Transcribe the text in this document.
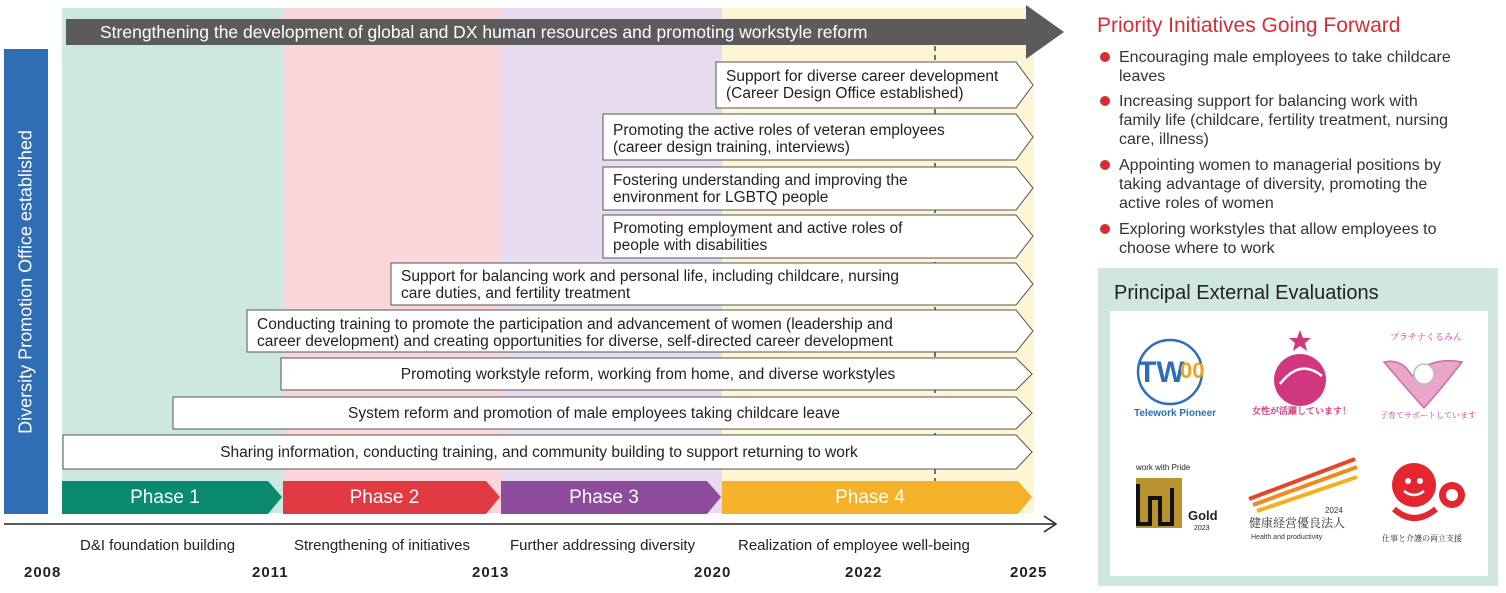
Strengthening the development of global and DX human resources and promoting workstyle reform
Diversity Promotion Office established
Support for diverse career development
(Career Design Office established)
Promoting the active roles of veteran employees
(career design training, interviews)
Fostering understanding and improving the
environment for LGBTQ people
Promoting employment and active roles of
people with disabilities
Support for balancing work and personal life, including childcare, nursing
care duties, and fertility treatment
Conducting training to promote the participation and advancement of women (leadership and
career development) and creating opportunities for diverse, self-directed career development
Promoting workstyle reform, working from home, and diverse workstyles
System reform and promotion of male employees taking childcare leave
Sharing information, conducting training, and community building to support returning to work
Phase 1	Phase 2	Phase 3	Phase 4
D&I foundation building	Strengthening of initiatives	Further addressing diversity	Realization of employee well-being
2008	2011	2013	2020	2022	2025
Priority Initiatives Going Forward
Encouraging male employees to take childcare
leaves
Increasing support for balancing work with
family life (childcare, fertility treatment, nursing
care, illness)
Appointing women to managerial positions by
taking advantage of diversity, promoting the
active roles of women
Exploring workstyles that allow employees to
choose where to work
Principal External Evaluations
TW
00
Telework Pioneer	女性が活躍しています！
プラチナくるみん
子育てサポートしています
work with Pride
Gold
2023
2024
健康経営優良法人
Health and productivity	仕事と介護の両立支援
